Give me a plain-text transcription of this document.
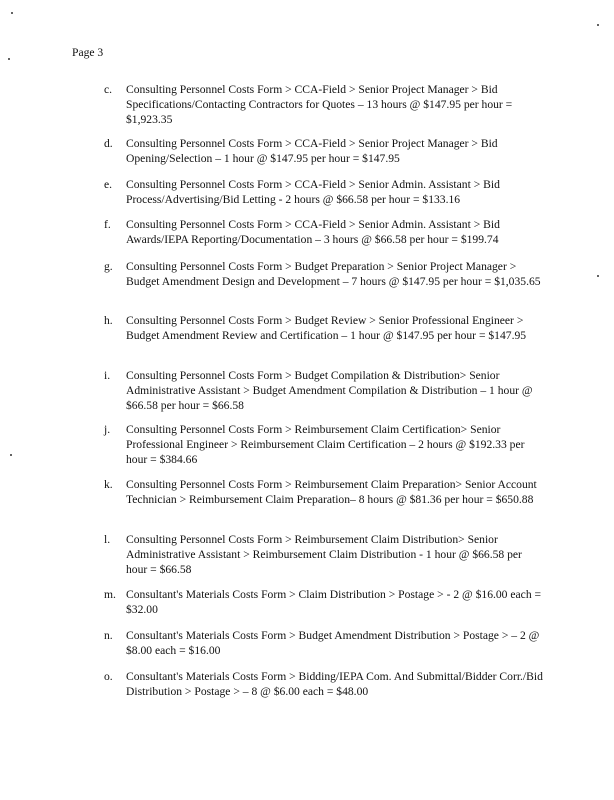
Page 3
c.	Consulting Personnel Costs Form > CCA-Field > Senior Project Manager > Bid Specifications/Contacting Contractors for Quotes – 13 hours @ $147.95 per hour = $1,923.35
d.	Consulting Personnel Costs Form > CCA-Field > Senior Project Manager > Bid Opening/Selection – 1 hour @ $147.95 per hour = $147.95
e.	Consulting Personnel Costs Form > CCA-Field > Senior Admin. Assistant > Bid Process/Advertising/Bid Letting - 2 hours @ $66.58 per hour = $133.16
f.	Consulting Personnel Costs Form > CCA-Field > Senior Admin. Assistant > Bid Awards/IEPA Reporting/Documentation – 3 hours @ $66.58 per hour = $199.74
g.	Consulting Personnel Costs Form > Budget Preparation > Senior Project Manager > Budget Amendment Design and Development – 7 hours @ $147.95 per hour = $1,035.65
h.	Consulting Personnel Costs Form > Budget Review > Senior Professional Engineer > Budget Amendment Review and Certification – 1 hour @ $147.95 per hour = $147.95
i.	Consulting Personnel Costs Form > Budget Compilation & Distribution> Senior Administrative Assistant > Budget Amendment Compilation & Distribution – 1 hour @ $66.58 per hour = $66.58
j.	Consulting Personnel Costs Form > Reimbursement Claim Certification> Senior Professional Engineer > Reimbursement Claim Certification – 2 hours @ $192.33 per hour = $384.66
k.	Consulting Personnel Costs Form > Reimbursement Claim Preparation> Senior Account Technician > Reimbursement Claim Preparation– 8 hours @ $81.36 per hour = $650.88
l.	Consulting Personnel Costs Form > Reimbursement Claim Distribution> Senior Administrative Assistant > Reimbursement Claim Distribution - 1 hour @ $66.58 per hour = $66.58
m. Consultant's Materials Costs Form > Claim Distribution > Postage > - 2 @ $16.00 each = $32.00
n.	Consultant's Materials Costs Form > Budget Amendment Distribution > Postage > – 2 @ $8.00 each = $16.00
o.	Consultant's Materials Costs Form > Bidding/IEPA Com. And Submittal/Bidder Corr./Bid Distribution > Postage > – 8 @ $6.00 each = $48.00
